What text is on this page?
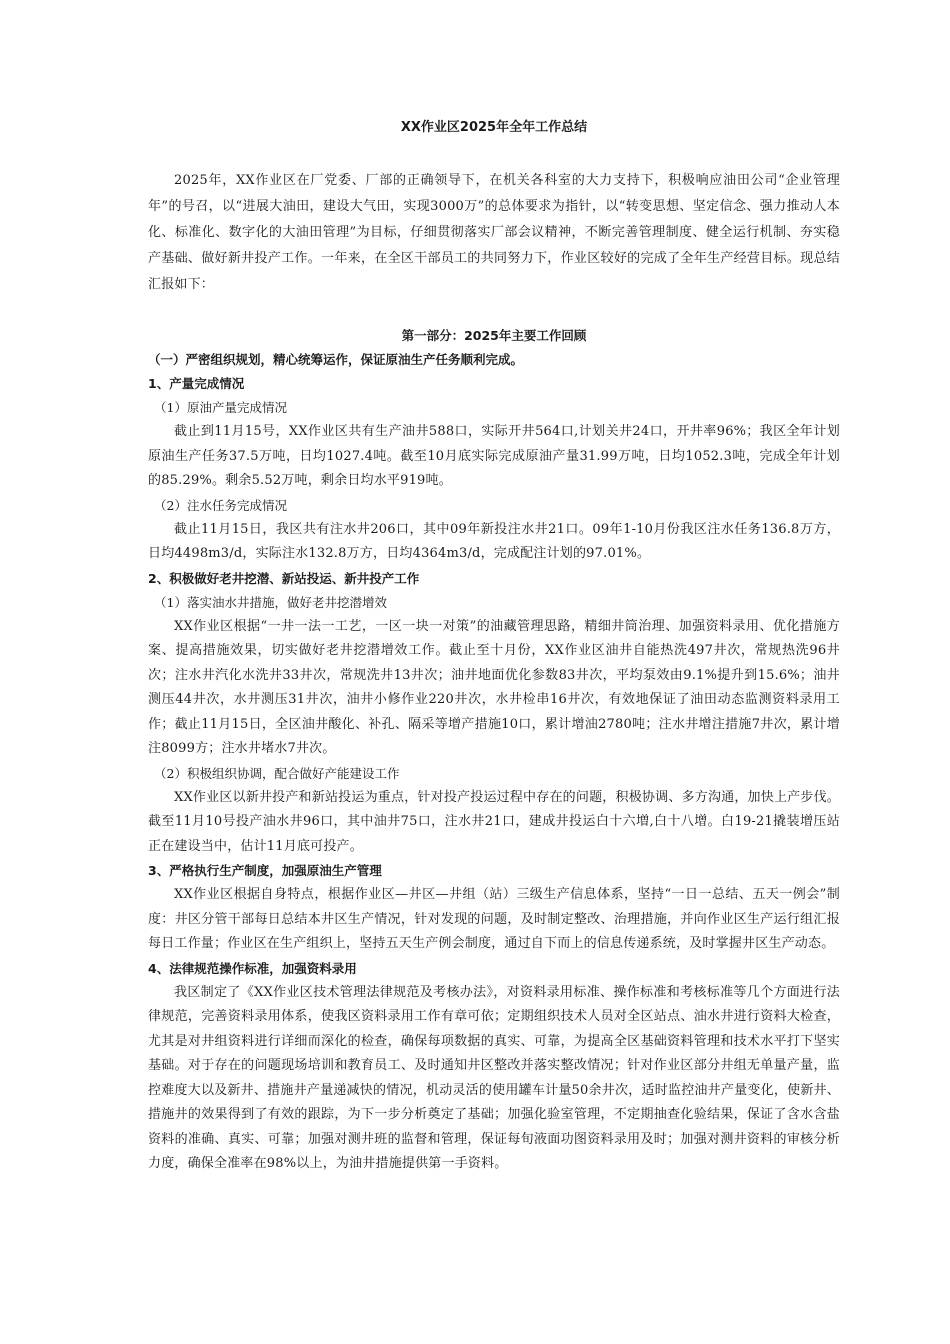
XX作业区2025年全年工作总结

2025年，XX作业区在厂党委、厂部的正确领导下，在机关各科室的大力支持下，积极响应油田公司“企业管理年”的号召，以“进展大油田，建设大气田，实现3000万”的总体要求为指针，以“转变思想、坚定信念、强力推动人本化、标准化、数字化的大油田管理”为目标，仔细贯彻落实厂部会议精神，不断完善管理制度、健全运行机制、夯实稳产基础、做好新井投产工作。一年来，在全区干部员工的共同努力下，作业区较好的完成了全年生产经营目标。现总结汇报如下：

第一部分：2025年主要工作回顾
（一）严密组织规划，精心统筹运作，保证原油生产任务顺利完成。
1、产量完成情况
（1）原油产量完成情况

截止到11月15号，XX作业区共有生产油井588口，实际开井564口,计划关井24口，开井率96%；我区全年计划原油生产任务37.5万吨，日均1027.4吨。截至10月底实际完成原油产量31.99万吨，日均1052.3吨，完成全年计划的85.29%。剩余5.52万吨，剩余日均水平919吨。

（2）注水任务完成情况

截止11月15日，我区共有注水井206口，其中09年新投注水井21口。09年1-10月份我区注水任务136.8万方，日均4498m3/d，实际注水132.8万方，日均4364m3/d，完成配注计划的97.01%。

2、积极做好老井挖潜、新站投运、新井投产工作
（1）落实油水井措施，做好老井挖潜增效

XX作业区根据“一井一法一工艺，一区一块一对策”的油藏管理思路，精细井筒治理、加强资料录用、优化措施方案、提高措施效果，切实做好老井挖潜增效工作。截止至十月份，XX作业区油井自能热洗497井次，常规热洗96井次；注水井汽化水洗井33井次，常规洗井13井次；油井地面优化参数83井次，平均泵效由9.1%提升到15.6%；油井测压44井次，水井测压31井次，油井小修作业220井次，水井检串16井次，有效地保证了油田动态监测资料录用工作；截止11月15日，全区油井酸化、补孔、隔采等增产措施10口，累计增油2780吨；注水井增注措施7井次，累计增注8099方；注水井堵水7井次。

（2）积极组织协调，配合做好产能建设工作

XX作业区以新井投产和新站投运为重点，针对投产投运过程中存在的问题，积极协调、多方沟通，加快上产步伐。截至11月10号投产油水井96口，其中油井75口，注水井21口，建成井投运白十六増,白十八增。白19-21撬装增压站正在建设当中，估计11月底可投产。

3、严格执行生产制度，加强原油生产管理

XX作业区根据自身特点，根据作业区—井区—井组（站）三级生产信息体系，坚持“一日一总结、五天一例会”制度：井区分管干部每日总结本井区生产情况，针对发现的问题，及时制定整改、治理措施，并向作业区生产运行组汇报每日工作量；作业区在生产组织上，坚持五天生产例会制度，通过自下而上的信息传递系统，及时掌握井区生产动态。

4、法律规范操作标准，加强资料录用

我区制定了《XX作业区技术管理法律规范及考核办法》，对资料录用标准、操作标准和考核标准等几个方面进行法律规范，完善资料录用体系，使我区资料录用工作有章可依；定期组织技术人员对全区站点、油水井进行资料大检查，尤其是对井组资料进行详细而深化的检查，确保每项数据的真实、可靠，为提高全区基础资料管理和技术水平打下坚实基础。对于存在的问题现场培训和教育员工、及时通知井区整改并落实整改情况；针对作业区部分井组无单量产量，监控难度大以及新井、措施井产量递减快的情况，机动灵活的使用罐车计量50余井次，适时监控油井产量变化，使新井、措施井的效果得到了有效的跟踪，为下一步分析奠定了基础；加强化验室管理，不定期抽查化验结果，保证了含水含盐资料的准确、真实、可靠；加强对测井班的监督和管理，保证每旬液面功图资料录用及时；加强对测井资料的审核分析力度，确保全准率在98%以上，为油井措施提供第一手资料。
